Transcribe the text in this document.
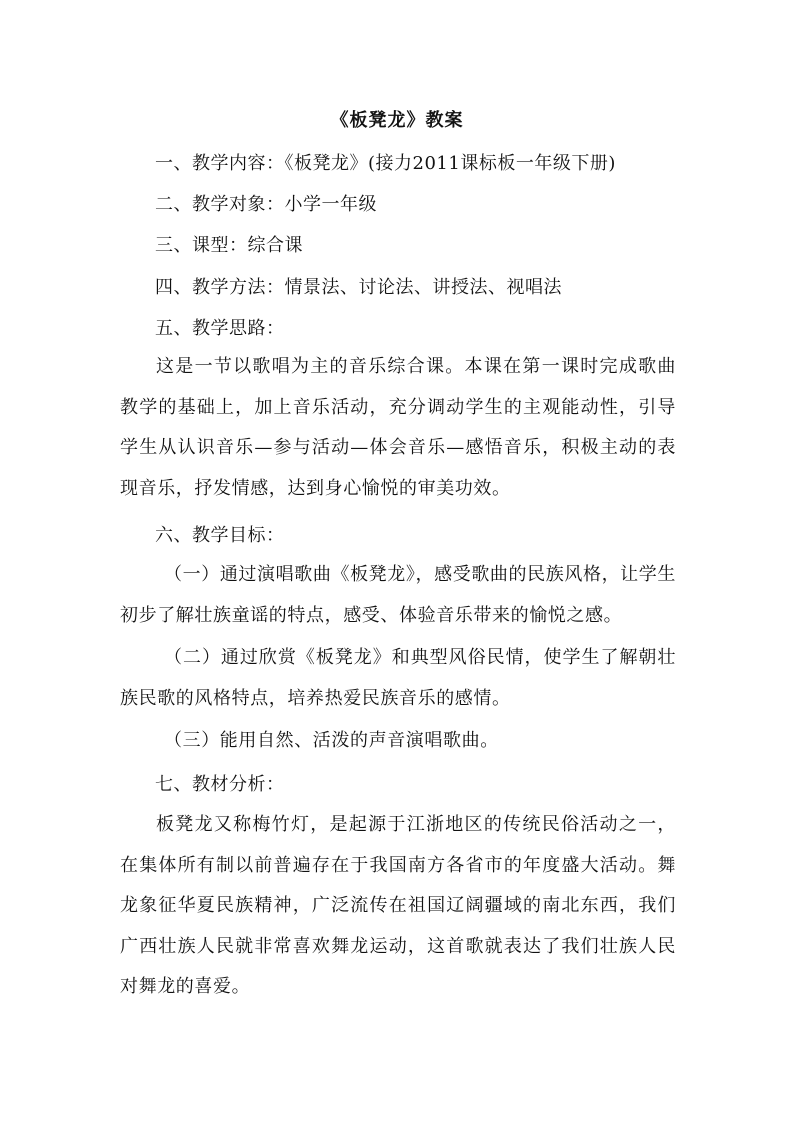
《板凳龙》教案
一、教学内容：《板凳龙》(接力2011课标板一年级下册)
二、教学对象：小学一年级
三、课型：综合课
四、教学方法：情景法、讨论法、讲授法、视唱法
五、教学思路：
这是一节以歌唱为主的音乐综合课。本课在第一课时完成歌曲教学的基础上，加上音乐活动，充分调动学生的主观能动性，引导学生从认识音乐—参与活动—体会音乐—感悟音乐，积极主动的表现音乐，抒发情感，达到身心愉悦的审美功效。
六、教学目标：
（一）通过演唱歌曲《板凳龙》，感受歌曲的民族风格，让学生初步了解壮族童谣的特点，感受、体验音乐带来的愉悦之感。
（二）通过欣赏《板凳龙》和典型风俗民情，使学生了解朝壮族民歌的风格特点，培养热爱民族音乐的感情。
（三）能用自然、活泼的声音演唱歌曲。
七、教材分析：
板凳龙又称梅竹灯，是起源于江浙地区的传统民俗活动之一，在集体所有制以前普遍存在于我国南方各省市的年度盛大活动。舞龙象征华夏民族精神，广泛流传在祖国辽阔疆域的南北东西，我们广西壮族人民就非常喜欢舞龙运动，这首歌就表达了我们壮族人民对舞龙的喜爱。
